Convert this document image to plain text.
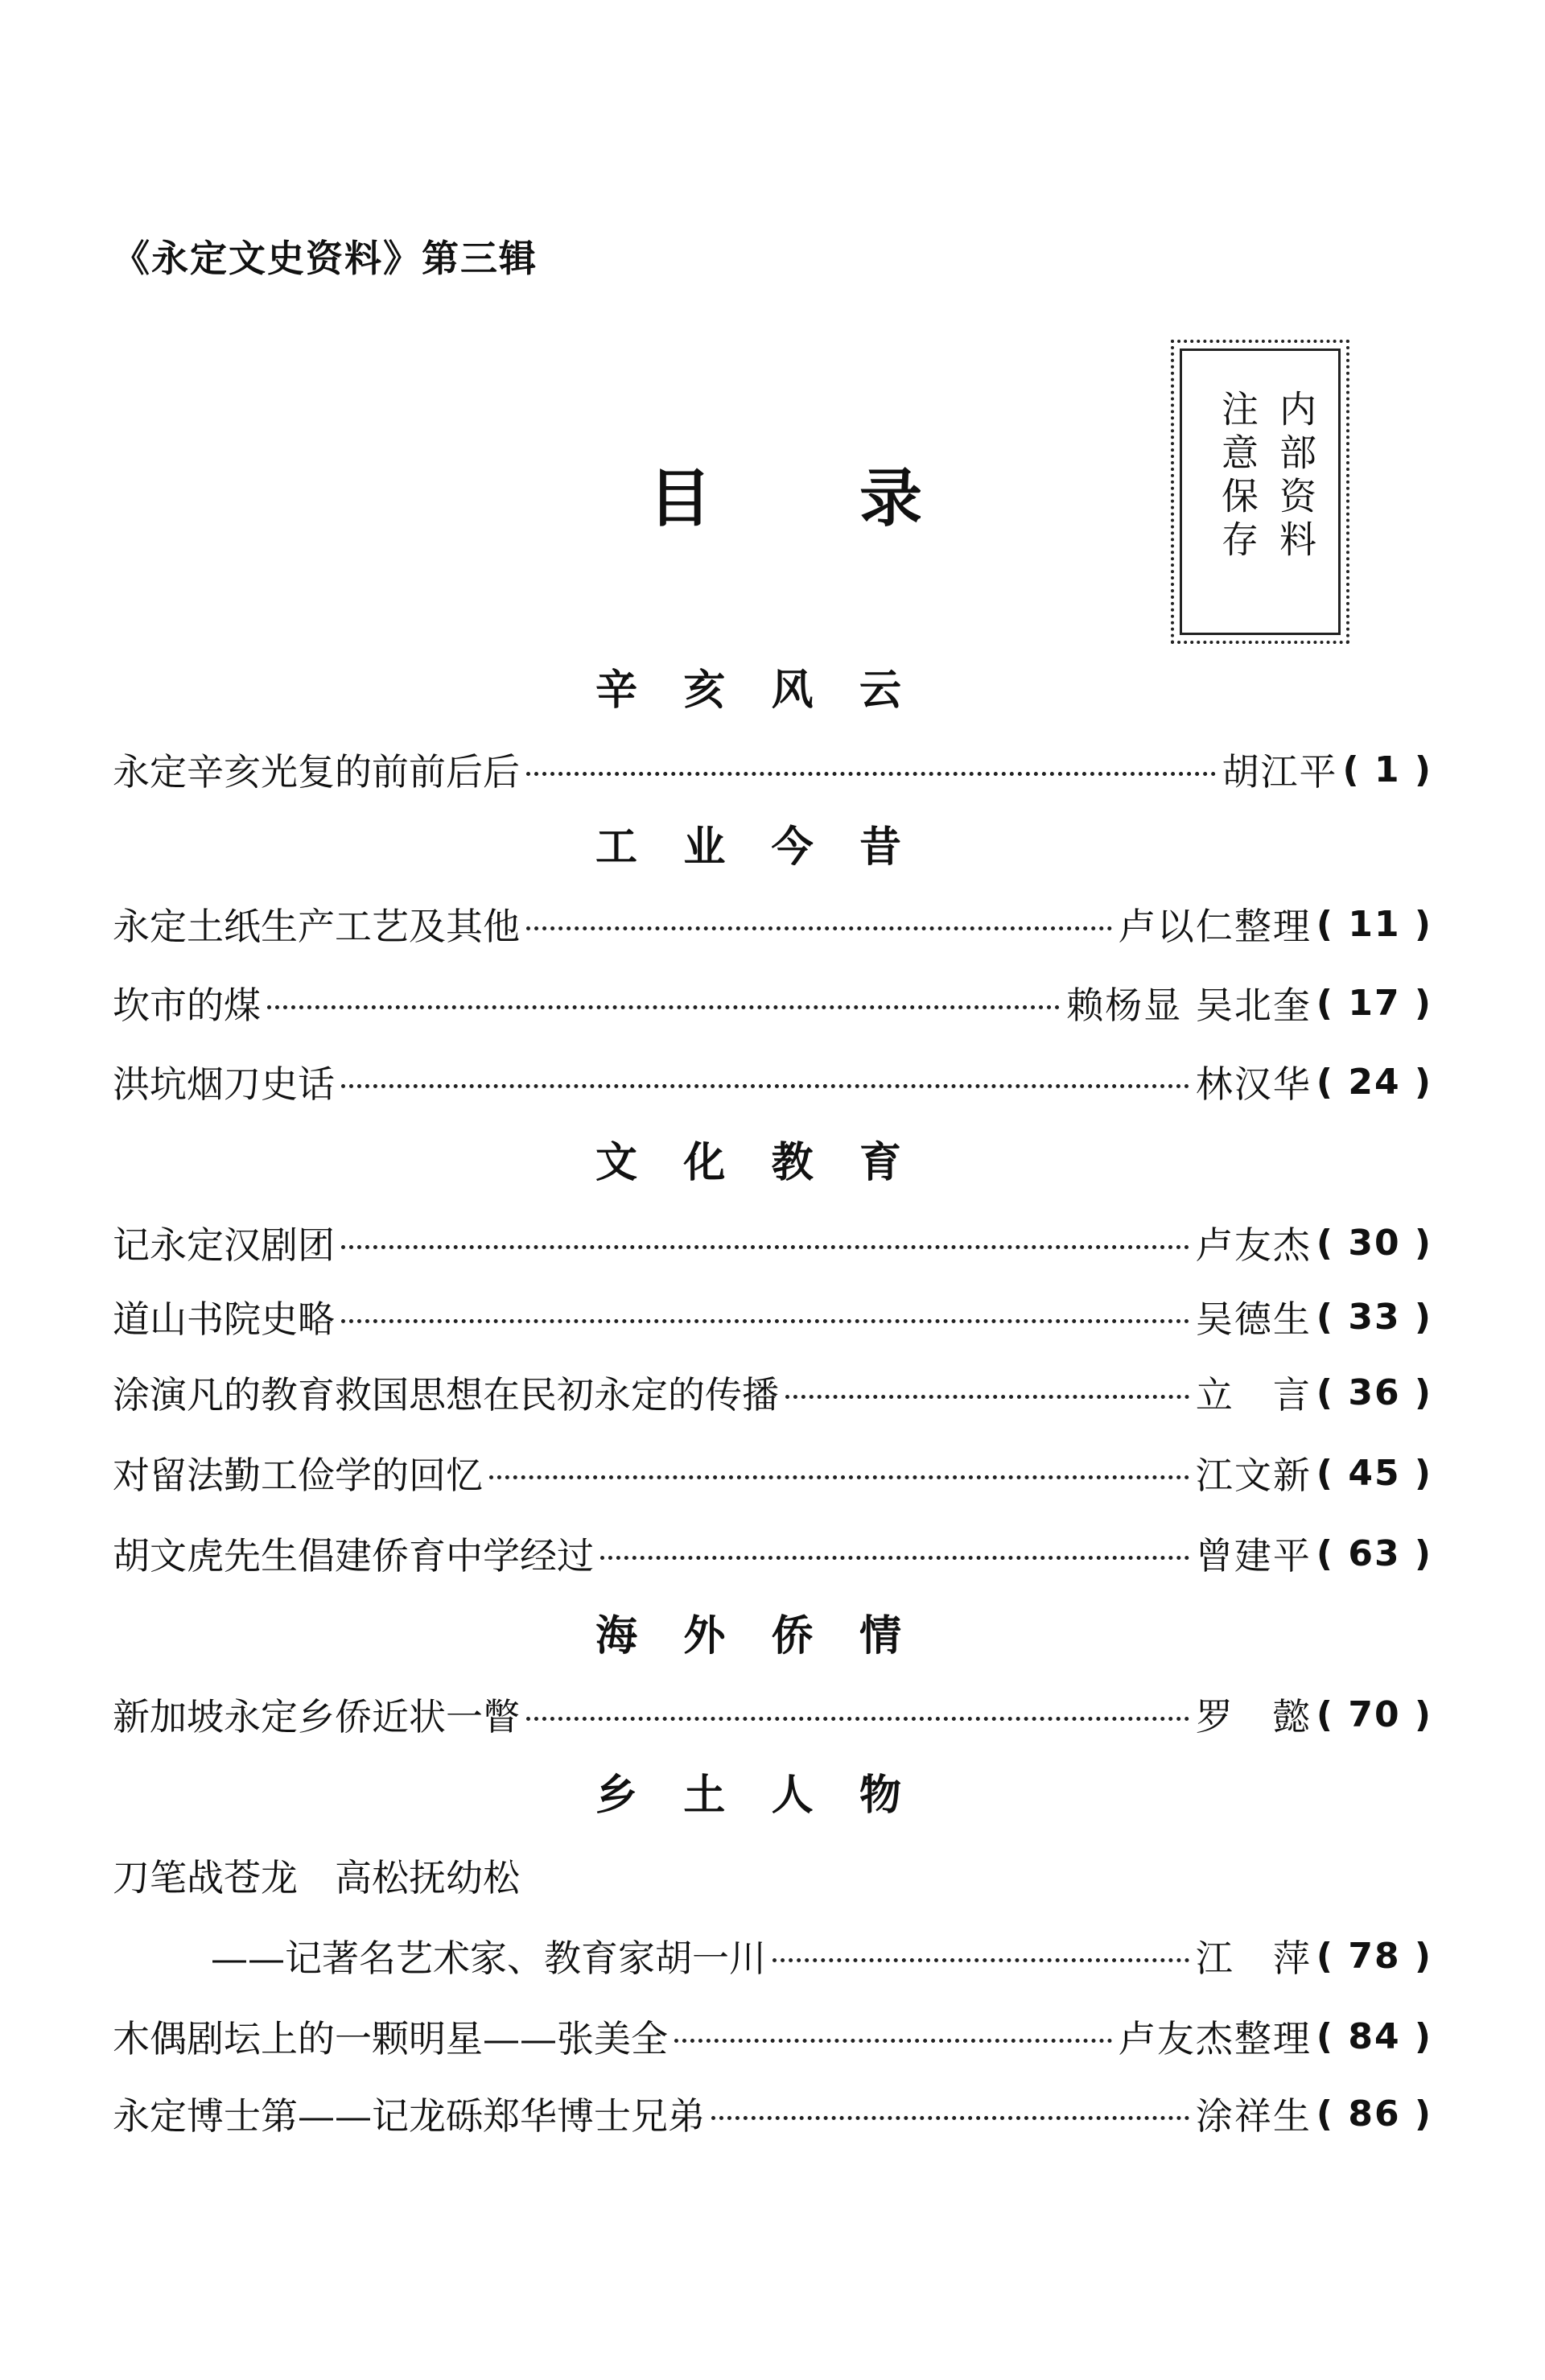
《永定文史资料》第三辑
目 录	内部资料
注意保存
辛 亥 风 云
永定辛亥光复的前前后后	胡江平 ( 1 )
工 业 今 昔
永定土纸生产工艺及其他	卢以仁整理 ( 11 )
坎市的煤	赖杨显 吴北奎 ( 17 )
洪坑烟刀史话	林汉华 ( 24 )
文 化 教 育
记永定汉剧团	卢友杰 ( 30 )
道山书院史略	吴德生 ( 33 )
涂演凡的教育救国思想在民初永定的传播	立　言 ( 36 )
对留法勤工俭学的回忆	江文新 ( 45 )
胡文虎先生倡建侨育中学经过	曾建平 ( 63 )
海 外 侨 情
新加坡永定乡侨近状一瞥	罗　懿 ( 70 )
乡 土 人 物
刀笔战苍龙　高松抚幼松
——记著名艺术家、教育家胡一川	江　萍 ( 78 )
木偶剧坛上的一颗明星——张美全	卢友杰整理 ( 84 )
永定博士第——记龙砾郑华博士兄弟	涂祥生 ( 86 )
